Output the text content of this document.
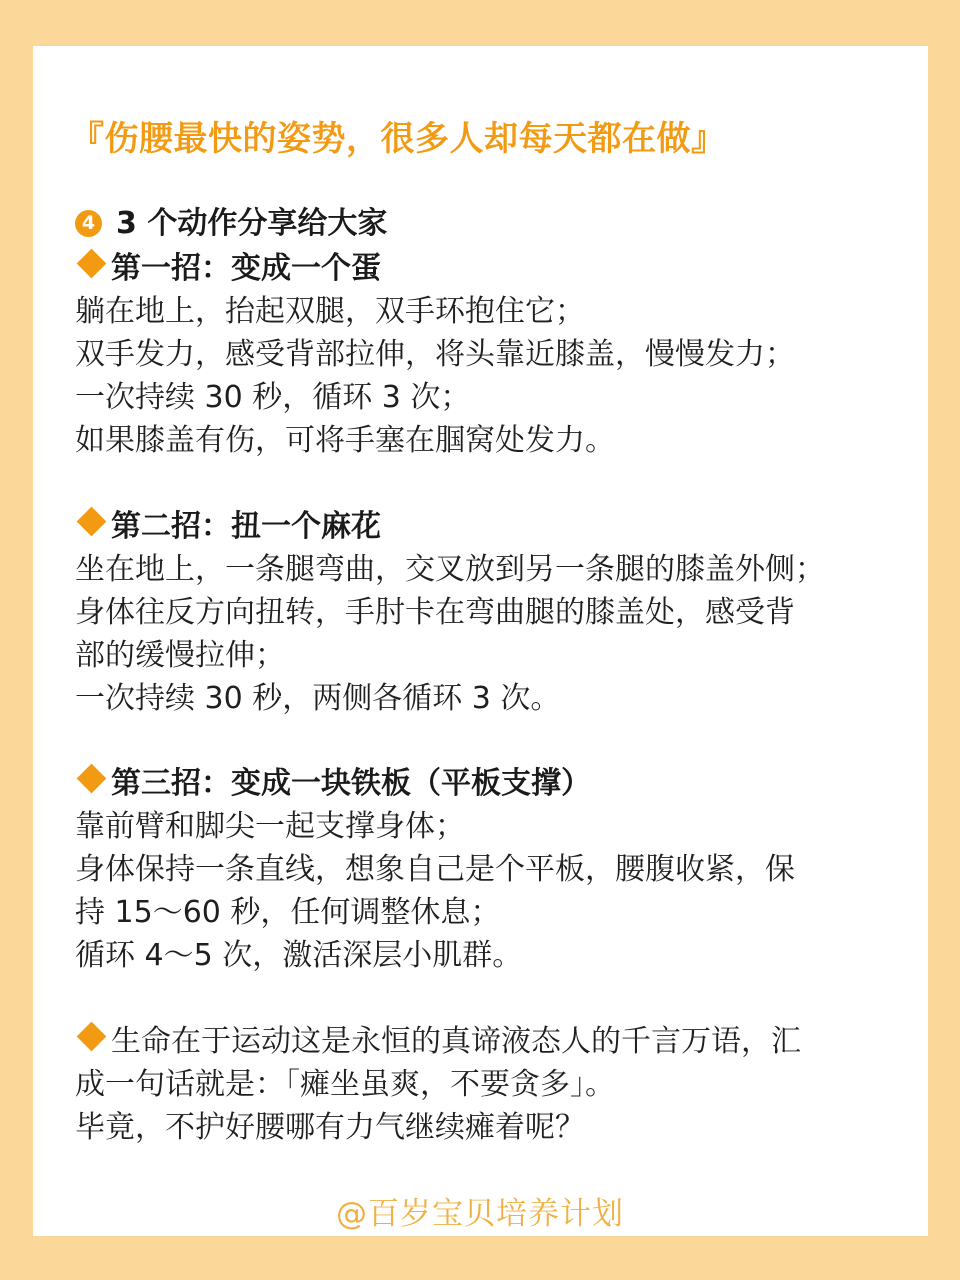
『伤腰最快的姿势，很多人却每天都在做』
4 3 个动作分享给大家
第一招：变成一个蛋
躺在地上，抬起双腿，双手环抱住它；
双手发力，感受背部拉伸，将头靠近膝盖，慢慢发力；
一次持续 30 秒，循环 3 次；
如果膝盖有伤，可将手塞在腘窝处发力。
第二招：扭一个麻花
坐在地上，一条腿弯曲，交叉放到另一条腿的膝盖外侧；
身体往反方向扭转，手肘卡在弯曲腿的膝盖处，感受背
部的缓慢拉伸；
一次持续 30 秒，两侧各循环 3 次。
第三招：变成一块铁板（平板支撑）
靠前臂和脚尖一起支撑身体；
身体保持一条直线，想象自己是个平板，腰腹收紧，保
持 15～60 秒，任何调整休息；
循环 4～5 次，激活深层小肌群。
生命在于运动这是永恒的真谛液态人的千言万语，汇
成一句话就是：「瘫坐虽爽，不要贪多」。
毕竟，不护好腰哪有力气继续瘫着呢？
@百岁宝贝培养计划
